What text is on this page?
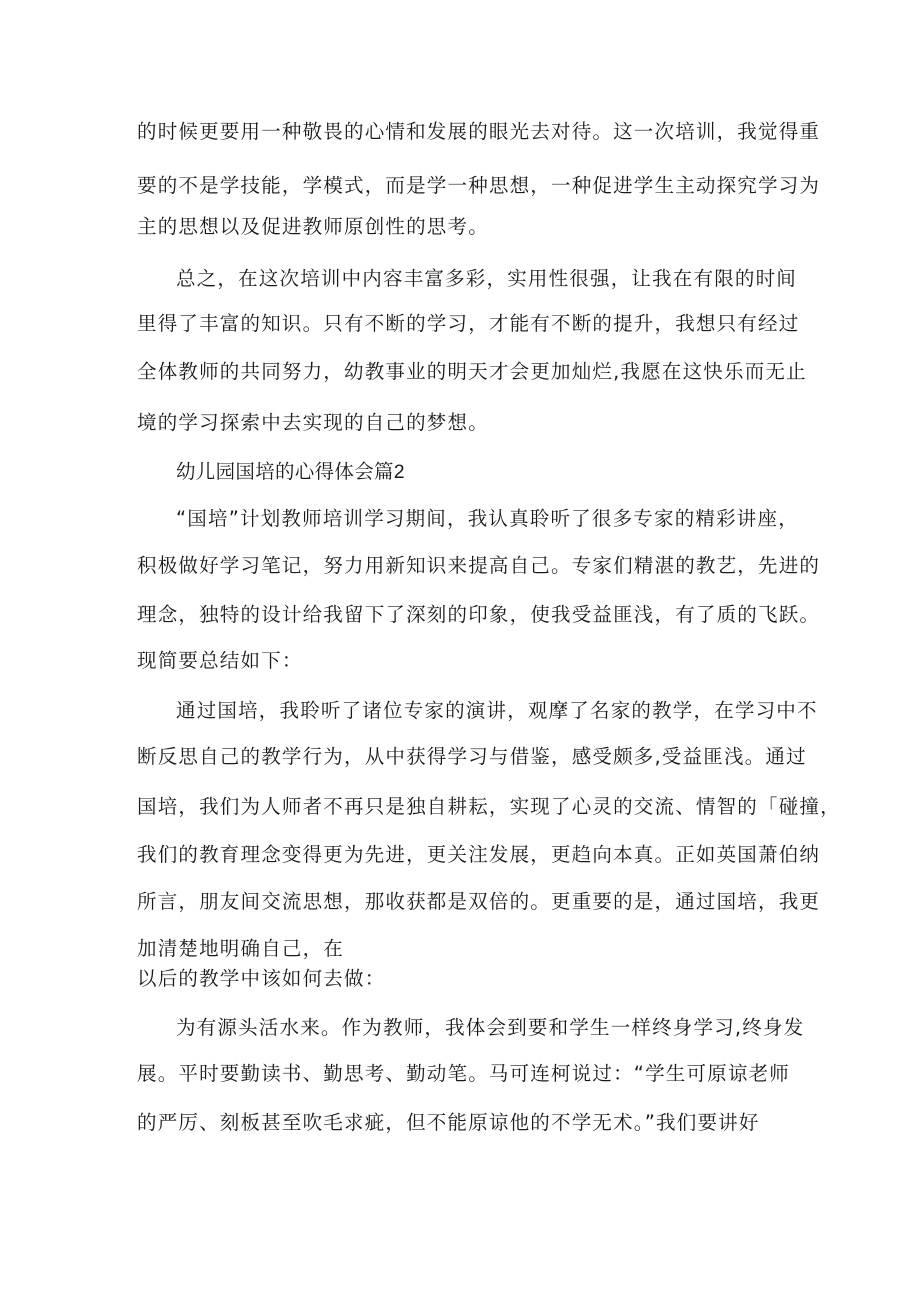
的时候更要用一种敬畏的心情和发展的眼光去对待。这一次培训，我觉得重
要的不是学技能，学模式，而是学一种思想，一种促进学生主动探究学习为
主的思想以及促进教师原创性的思考。
总之，在这次培训中内容丰富多彩，实用性很强，让我在有限的时间
里得了丰富的知识。只有不断的学习，才能有不断的提升，我想只有经过
全体教师的共同努力，幼教事业的明天才会更加灿烂,我愿在这快乐而无止
境的学习探索中去实现的自己的梦想。
幼儿园国培的心得体会篇2
“国培”计划教师培训学习期间，我认真聆听了很多专家的精彩讲座，
积极做好学习笔记，努力用新知识来提高自己。专家们精湛的教艺，先进的
理念，独特的设计给我留下了深刻的印象，使我受益匪浅，有了质的飞跃。
现简要总结如下：
通过国培，我聆听了诸位专家的演讲，观摩了名家的教学，在学习中不
断反思自己的教学行为，从中获得学习与借鉴，感受颇多,受益匪浅。通过
国培，我们为人师者不再只是独自耕耘，实现了心灵的交流、情智的「碰撞，
我们的教育理念变得更为先进，更关注发展，更趋向本真。正如英国萧伯纳
所言，朋友间交流思想，那收获都是双倍的。更重要的是，通过国培，我更
加清楚地明确自己，在
以后的教学中该如何去做：
为有源头活水来。作为教师，我体会到要和学生一样终身学习,终身发
展。平时要勤读书、勤思考、勤动笔。马可连柯说过：“学生可原谅老师
的严厉、刻板甚至吹毛求疵，但不能原谅他的不学无术。”我们要讲好
